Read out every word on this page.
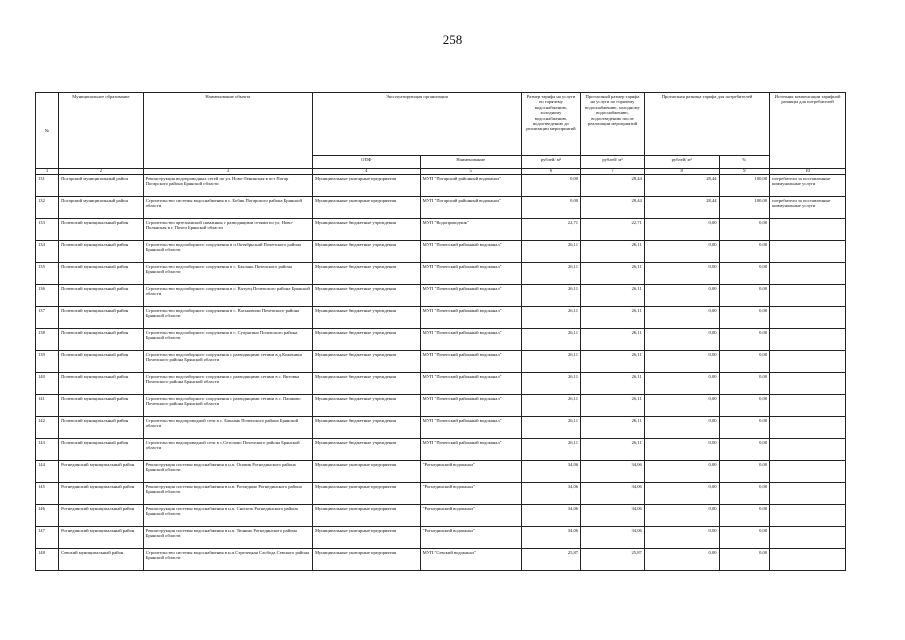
258
№	Муниципальное образование	Наименование объекта	Эксплуатирующая организация		Размер тарифа на услуги по горячему водоснабжению, холодному водоснабжению, водоотведению до реализации мероприятий	Прогнозный размер тарифа на услуги по горячему водоснабжению, холодному водоснабжению, водоотведению после реализации мероприятий	Прогнозная разница тарифа для потребителей		Источник компенсации тарифной разницы для потребителей
			ОПФ	Наименование	рублей/ м³	рублей/ м³	рублей/ м³	%	
1	2	3	4	5	6	7	8	9	10
131	Погарский муниципальный район	Реконструкция водопроводных сетей по ул. Ново-Ленинская в пгт Погар Погарского района Брянской области	Муниципальные унитарные предприятия	МУП "Погарский районный водоканал"	0,00	28,44	28,44	100,00	потребители за поставленные коммунальные услуги
132	Погарский муниципальный район	Строительство системы водоснабжения в с. Бобик Погарского района Брянской области	Муниципальные унитарные предприятия	МУП "Погарский районный водоканал"	0,00	28,44	28,44	100,00	потребители за поставленные коммунальные услуги
133	Почепский муниципальный район	Строительство артезианской скважины с разводящими сетями по ул. Ново-Полянская в г. Почеп Брянской области	Муниципальные бюджетные учреждения	МУП "Водопроводчик"	22,71	22,71	0,00	0,00	
134	Почепский муниципальный район	Строительство водозаборного сооружения в п.Октябрьский Почепского района Брянской области	Муниципальные бюджетные учреждения	МУП "Почепский районный водоканал"	26,11	26,11	0,00	0,00	
135	Почепский муниципальный район	Строительство водозаборного сооружения в с. Баклань Почепского района Брянской области	Муниципальные бюджетные учреждения	МУП "Почепский районный водоканал"	26,11	26,11	0,00	0,00	
136	Почепский муниципальный район	Строительство водозаборного сооружения в с. Валуец Почепского района Брянской области	Муниципальные бюджетные учреждения	МУП "Почепский районный водоканал"	26,11	26,11	0,00	0,00	
137	Почепский муниципальный район	Строительство водозаборного сооружения в с. Васьковичи Почепского района Брянской области	Муниципальные бюджетные учреждения	МУП "Почепский районный водоканал"	26,11	26,11	0,00	0,00	
138	Почепский муниципальный район	Строительство водозаборного сооружения в с. Супрягино Почепского района Брянской области	Муниципальные бюджетные учреждения	МУП "Почепский районный водоканал"	26,11	26,11	0,00	0,00	
139	Почепский муниципальный район	Строительство водозаборного сооружения с разводящими сетями в д.Коженики Почепского района Брянской области	Муниципальные бюджетные учреждения	МУП "Почепский районный водоканал"	26,11	26,11	0,00	0,00	
140	Почепский муниципальный район	Строительство водозаборного сооружения с разводящими сетями в с. Витовка Почепского района Брянской области	Муниципальные бюджетные учреждения	МУП "Почепский районный водоканал"	26,11	26,11	0,00	0,00	
141	Почепский муниципальный район	Строительство водозаборного сооружения с разводящими сетями в с. Пашково Почепского района Брянской области	Муниципальные бюджетные учреждения	МУП "Почепский районный водоканал"	26,11	26,11	0,00	0,00	
142	Почепский муниципальный район	Строительство водопроводной сети в с. Баклань Почепского района Брянской области	Муниципальные бюджетные учреждения	МУП "Почепский районный водоканал"	26,11	26,11	0,00	0,00	
143	Почепский муниципальный район	Строительство водопроводной сети в с.Сетолово Почепского района Брянской области	Муниципальные бюджетные учреждения	МУП "Почепский районный водоканал"	26,11	26,11	0,00	0,00	
144	Рогнединский муниципальный район	Реконструкция системы водоснабжения в н.п. Осовик Рогнединского района Брянской области	Муниципальные унитарные предприятия	"Рогнединский водоканал"	34,06	34,06	0,00	0,00	
145	Рогнединский муниципальный район	Реконструкция системы водоснабжения в н.п. Рогнедино Рогнединского района Брянской области	Муниципальные унитарные предприятия	"Рогнединский водоканал"	34,06	34,06	0,00	0,00	
146	Рогнединский муниципальный район	Реконструкция системы водоснабжения в н.п. Снопоть Рогнединского района Брянской области	Муниципальные унитарные предприятия	"Рогнединский водоканал"	34,06	34,06	0,00	0,00	
147	Рогнединский муниципальный район	Реконструкция системы водоснабжения в н.п. Тюнино Рогнединского района Брянской области	Муниципальные унитарные предприятия	"Рогнединский водоканал"	34,06	34,06	0,00	0,00	
148	Севский муниципальный район	Строительство системы водоснабжения в н.п.Стрелецкая Слобода Севского района Брянской области	Муниципальные унитарные предприятия	МУП "Севский водоканал"	25,87	25,87	0,00	0,00	
